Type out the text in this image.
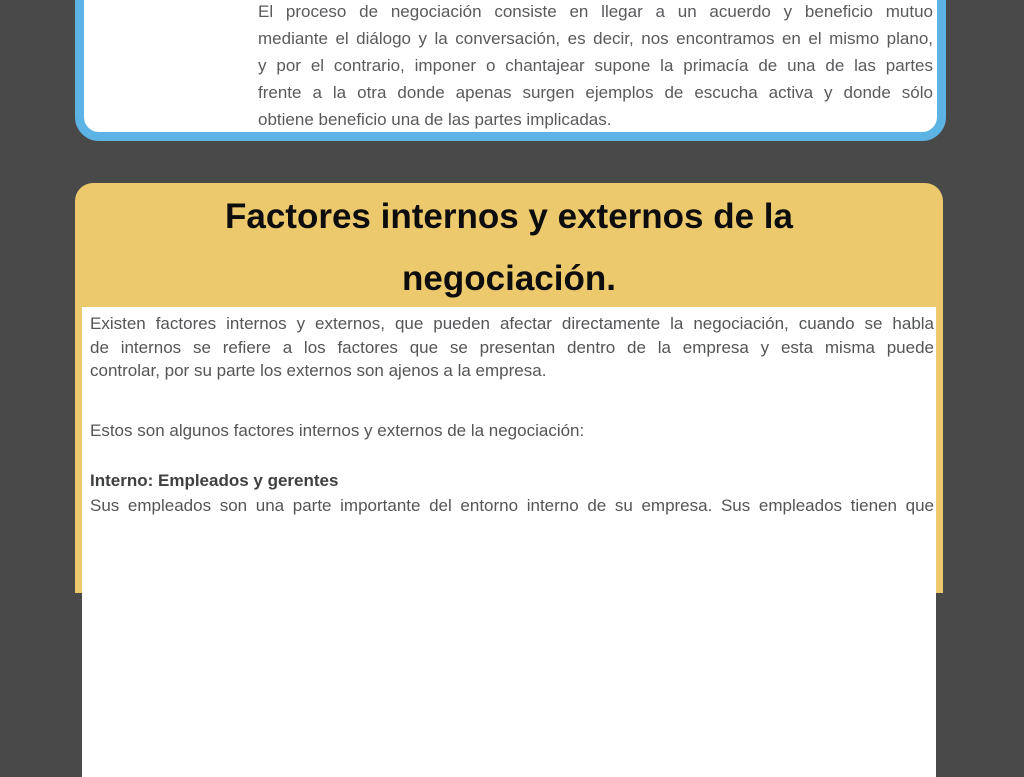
El proceso de negociación consiste en llegar a un acuerdo y beneficio mutuo
mediante el diálogo y la conversación, es decir, nos encontramos en el mismo plano,
y por el contrario, imponer o chantajear supone la primacía de una de las partes
frente a la otra donde apenas surgen ejemplos de escucha activa y donde sólo
obtiene beneficio una de las partes implicadas.
Factores internos y externos de la
negociación.
Existen factores internos y externos, que pueden afectar directamente la negociación, cuando se habla
de internos se refiere a los factores que se presentan dentro de la empresa y esta misma puede
controlar, por su parte los externos son ajenos a la empresa.
Estos son algunos factores internos y externos de la negociación:
Interno: Empleados y gerentes
Sus empleados son una parte importante del entorno interno de su empresa. Sus empleados tienen que
